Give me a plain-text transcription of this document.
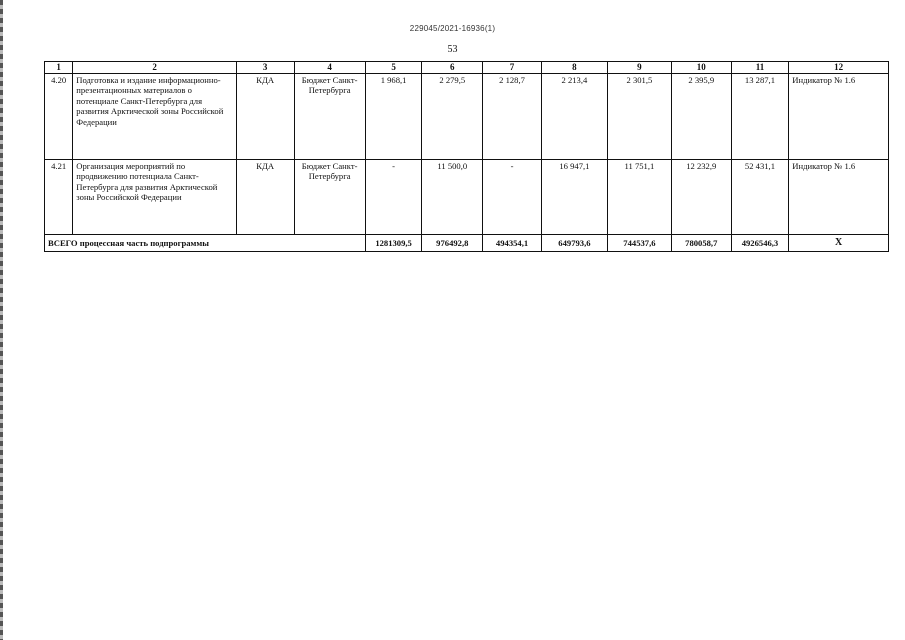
229045/2021-16936(1)
53
1	2	3	4	5	6	7	8	9	10	11	12
4.20	Подготовка и издание информационно-презентационных материалов о потенциале Санкт-Петербурга для развития Арктической зоны Российской Федерации	КДА	Бюджет Санкт-Петербурга	1 968,1	2 279,5	2 128,7	2 213,4	2 301,5	2 395,9	13 287,1	Индикатор № 1.6
4.21	Организация мероприятий по продвижению потенциала Санкт-Петербурга для развития Арктической зоны Российской Федерации	КДА	Бюджет Санкт-Петербурга	-	11 500,0	-	16 947,1	11 751,1	12 232,9	52 431,1	Индикатор № 1.6
ВСЕГО процессная часть подпрограммы				1281309,5	976492,8	494354,1	649793,6	744537,6	780058,7	4926546,3	Х
